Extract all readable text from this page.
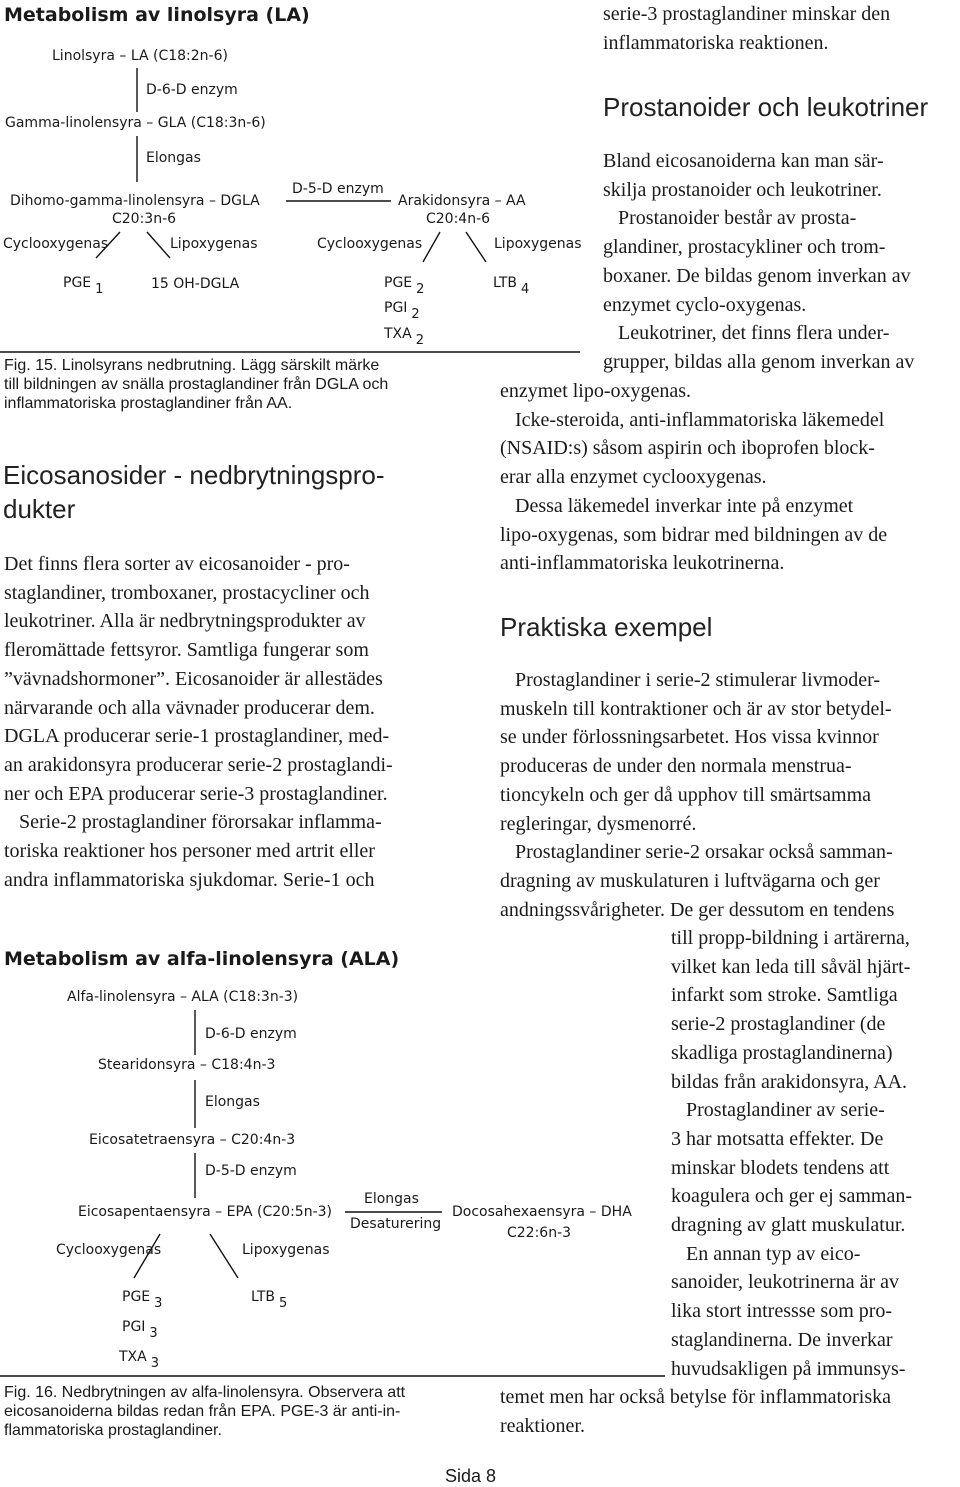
Metabolism av linolsyra (LA)
Linolsyra – LA (C18:2n-6)
D-6-D enzym
Gamma-linolensyra – GLA (C18:3n-6)
Elongas
Dihomo-gamma-linolensyra – DGLA
C20:3n-6
D-5-D enzym
Arakidonsyra – AA
C20:4n-6
Cyclooxygenas	Lipoxygenas	Cyclooxygenas	Lipoxygenas
PGE 1	15 OH-DGLA	PGE 2
PGI 2
TXA 2
LTB 4
Fig. 15. Linolsyrans nedbrutning. Lägg särskilt märke
till bildningen av snälla prostaglandiner från DGLA och
inflammatoriska prostaglandiner från AA.
Eicosanosider - nedbrytningspro-
dukter
Det finns flera sorter av eicosanoider - pro-
staglandiner, tromboxaner, prostacycliner och
leukotriner. Alla är nedbrytningsprodukter av
fleromättade fettsyror. Samtliga fungerar som
”vävnadshormoner”. Eicosanoider är allestädes
närvarande och alla vävnader producerar dem.
DGLA producerar serie-1 prostaglandiner, med-
an arakidonsyra producerar serie-2 prostaglandi-
ner och EPA producerar serie-3 prostaglandiner.
Serie-2 prostaglandiner förorsakar inflamma-
toriska reaktioner hos personer med artrit eller
andra inflammatoriska sjukdomar. Serie-1 och
Metabolism av alfa-linolensyra (ALA)
Alfa-linolensyra – ALA (C18:3n-3)
D-6-D enzym
Stearidonsyra – C18:4n-3
Elongas
Eicosatetraensyra – C20:4n-3
D-5-D enzym
Eicosapentaensyra – EPA (C20:5n-3)
Elongas
Desaturering
Docosahexaensyra – DHA
C22:6n-3
Cyclooxygenas	Lipoxygenas
PGE 3	LTB 5
PGI 3
TXA 3
Fig. 16. Nedbrytningen av alfa-linolensyra. Observera att
eicosanoiderna bildas redan från EPA. PGE-3 är anti-in-
flammatoriska prostaglandiner.
serie-3 prostaglandiner minskar den
inflammatoriska reaktionen.
Prostanoider och leukotriner
Bland eicosanoiderna kan man sär-
skilja prostanoider och leukotriner.
Prostanoider består av prosta-
glandiner, prostacykliner och trom-
boxaner. De bildas genom inverkan av
enzymet cyclo-oxygenas.
Leukotriner, det finns flera under-
grupper, bildas alla genom inverkan av
enzymet lipo-oxygenas.
Icke-steroida, anti-inflammatoriska läkemedel
(NSAID:s) såsom aspirin och iboprofen block-
erar alla enzymet cyclooxygenas.
Dessa läkemedel inverkar inte på enzymet
lipo-oxygenas, som bidrar med bildningen av de
anti-inflammatoriska leukotrinerna.
Praktiska exempel
Prostaglandiner i serie-2 stimulerar livmoder-
muskeln till kontraktioner och är av stor betydel-
se under förlossningsarbetet. Hos vissa kvinnor
produceras de under den normala menstrua-
tioncykeln och ger då upphov till smärtsamma
regleringar, dysmenorré.
Prostaglandiner serie-2 orsakar också samman-
dragning av muskulaturen i luftvägarna och ger
andningssvårigheter. De ger dessutom en tendens
till propp-bildning i artärerna,
vilket kan leda till såväl hjärt-
infarkt som stroke. Samtliga
serie-2 prostaglandiner (de
skadliga prostaglandinerna)
bildas från arakidonsyra, AA.
Prostaglandiner av serie-
3 har motsatta effekter. De
minskar blodets tendens att
koagulera och ger ej samman-
dragning av glatt muskulatur.
En annan typ av eico-
sanoider, leukotrinerna är av
lika stort intressse som pro-
staglandinerna. De inverkar
huvudsakligen på immunsys-
temet men har också betylse för inflammatoriska
reaktioner.
Sida 8
